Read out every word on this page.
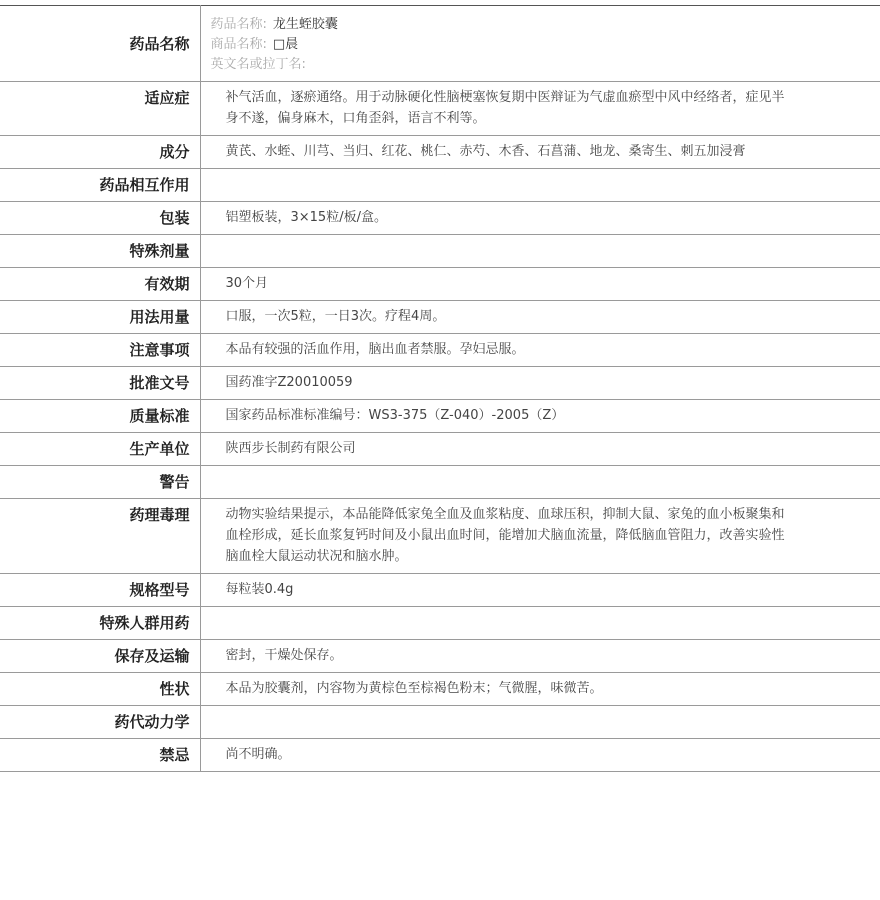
药品名称	药品名称: 龙生蛭胶囊
商品名称: □晨
英文名或拉丁名:

适应症	补气活血，逐瘀通络。用于动脉硬化性脑梗塞恢复期中医辩证为气虚血瘀型中风中经络者，症见半身不遂，偏身麻木，口角歪斜，语言不利等。
成分	黄芪、水蛭、川芎、当归、红花、桃仁、赤芍、木香、石菖蒲、地龙、桑寄生、刺五加浸膏
药品相互作用	
包装	铝塑板装，3×15粒/板/盒。
特殊剂量	
有效期	30个月
用法用量	口服，一次5粒，一日3次。疗程4周。
注意事项	本品有较强的活血作用，脑出血者禁服。孕妇忌服。
批准文号	国药准字Z20010059
质量标准	国家药品标准标准编号：WS3-375（Z-040）-2005（Z）
生产单位	陕西步长制药有限公司
警告	
药理毒理	动物实验结果提示，本品能降低家兔全血及血浆粘度、血球压积，抑制大鼠、家兔的血小板聚集和血栓形成，延长血浆复钙时间及小鼠出血时间，能增加犬脑血流量，降低脑血管阻力，改善实验性脑血栓大鼠运动状况和脑水肿。
规格型号	每粒装0.4g
特殊人群用药	
保存及运输	密封，干燥处保存。
性状	本品为胶囊剂，内容物为黄棕色至棕褐色粉末；气微腥，味微苦。
药代动力学	
禁忌	尚不明确。
